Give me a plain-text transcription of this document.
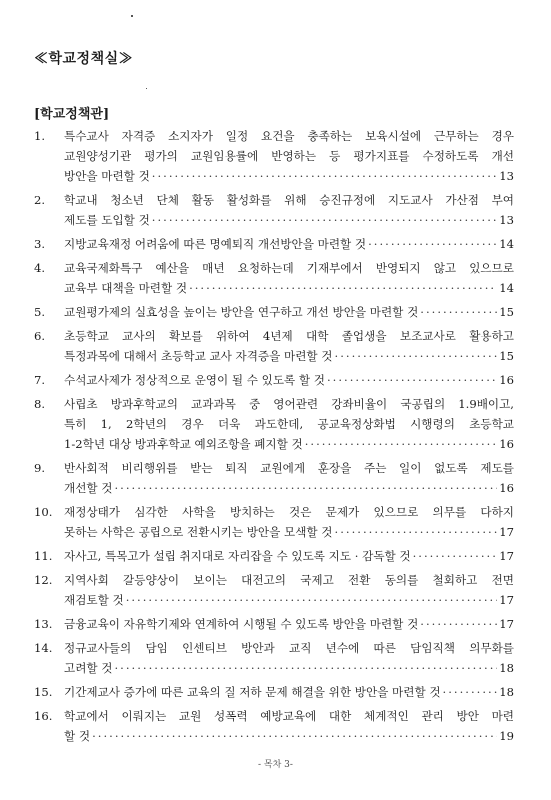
≪학교정책실≫
[학교정책관]
1.	특수교사 자격증 소지자가 일정 요건을 충족하는 보육시설에 근무하는 경우
교원양성기관 평가의 교원임용률에 반영하는 등 평가지표를 수정하도록 개선
방안을 마련할 것 ·····	13
2.	학교내 청소년 단체 활동 활성화를 위해 승진규정에 지도교사 가산점 부여
제도를 도입할 것 ·····	13
3.	지방교육재정 어려움에 따른 명예퇴직 개선방안을 마련할 것 ·····	14
4.	교육국제화특구 예산을 매년 요청하는데 기재부에서 반영되지 않고 있으므로
교육부 대책을 마련할 것 ·····	14
5.	교원평가제의 실효성을 높이는 방안을 연구하고 개선 방안을 마련할 것 ·····	15
6.	초등학교 교사의 확보를 위하여 4년제 대학 졸업생을 보조교사로 활용하고
특정과목에 대해서 초등학교 교사 자격증을 마련할 것 ·····	15
7.	수석교사제가 정상적으로 운영이 될 수 있도록 할 것 ·····	16
8.	사립초 방과후학교의 교과과목 중 영어관련 강좌비율이 국공립의 1.9배이고,
특히 1, 2학년의 경우 더욱 과도한데, 공교육정상화법 시행령의 초등학교
1-2학년 대상 방과후학교 예외조항을 폐지할 것 ·····	16
9.	반사회적 비리행위를 받는 퇴직 교원에게 훈장을 주는 일이 없도록 제도를
개선할 것 ·····	16
10. 재정상태가 심각한 사학을 방치하는 것은 문제가 있으므로 의무를 다하지
못하는 사학은 공립으로 전환시키는 방안을 모색할 것 ·····	17
11. 자사고, 특목고가 설립 취지대로 자리잡을 수 있도록 지도 · 감독할 것 ·····	17
12. 지역사회 갈등양상이 보이는 대전고의 국제고 전환 동의를 철회하고 전면
재검토할 것 ·····	17
13. 금융교육이 자유학기제와 연계하여 시행될 수 있도록 방안을 마련할 것 ·····	17
14. 정규교사들의 담임 인센티브 방안과 교직 년수에 따른 담임직책 의무화를
고려할 것 ·····	18
15. 기간제교사 증가에 따른 교육의 질 저하 문제 해결을 위한 방안을 마련할 것 ·····	18
16. 학교에서 이뤄지는 교원 성폭력 예방교육에 대한 체계적인 관리 방안 마련
할 것 ·····	19
- 목차 3-
